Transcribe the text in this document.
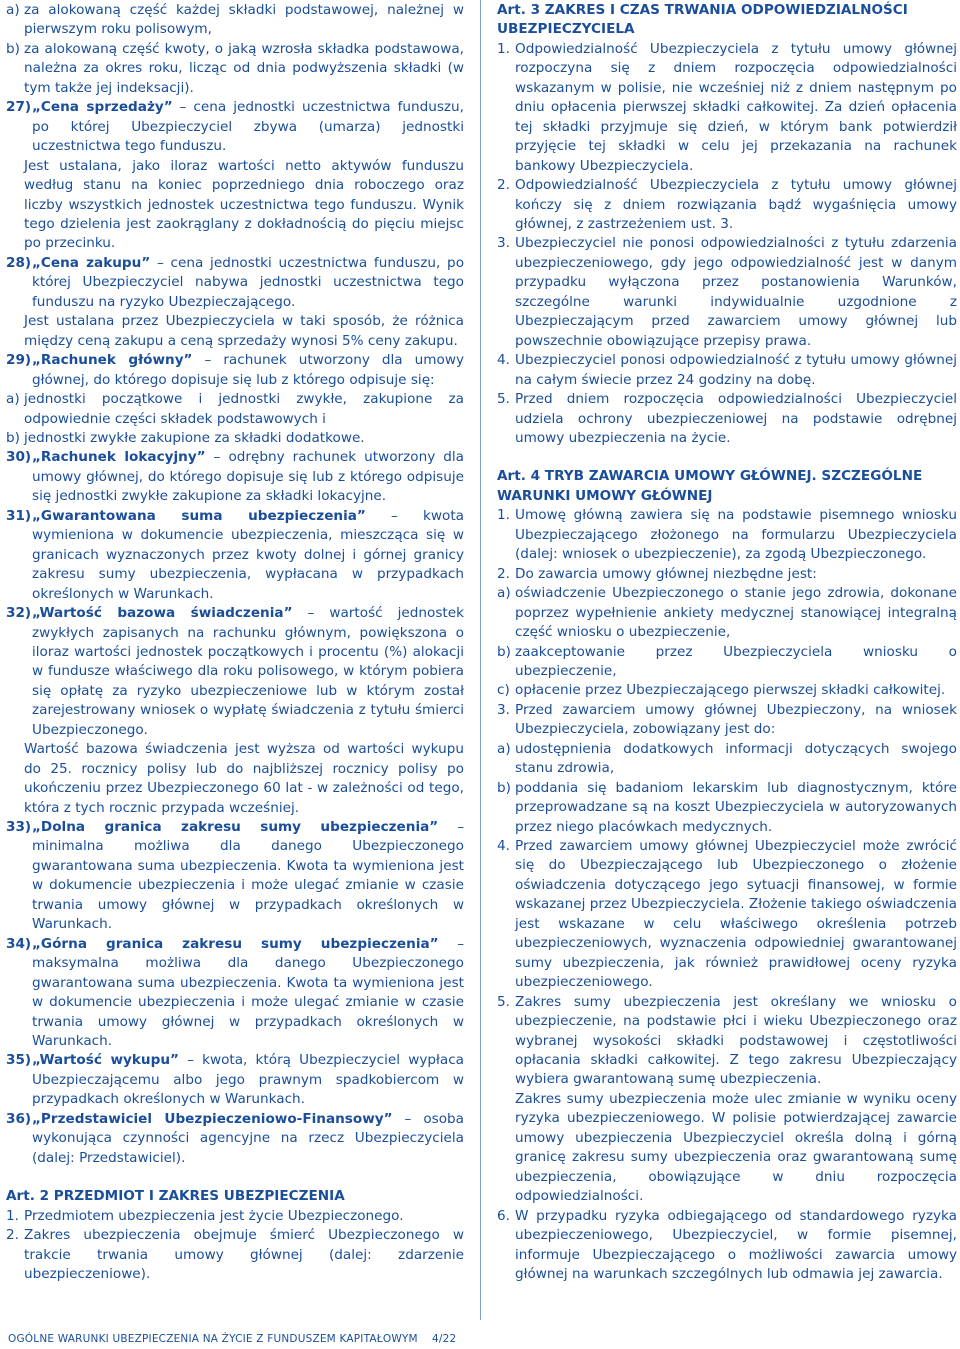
a) za alokowaną część każdej składki podstawowej, należnej w pierwszym roku polisowym,

b) za alokowaną część kwoty, o jaką wzrosła składka podstawowa, należna za okres roku, licząc od dnia podwyższenia składki (w tym także jej indeksacji).

27) „Cena sprzedaży” – cena jednostki uczestnictwa funduszu, po której Ubezpieczyciel zbywa (umarza) jednostki uczestnictwa tego funduszu.

Jest ustalana, jako iloraz wartości netto aktywów funduszu według stanu na koniec poprzedniego dnia roboczego oraz liczby wszystkich jednostek uczestnictwa tego funduszu. Wynik tego dzielenia jest zaokrąglany z dokładnością do pięciu miejsc po przecinku.

28) „Cena zakupu” – cena jednostki uczestnictwa funduszu, po której Ubezpieczyciel nabywa jednostki uczestnictwa tego funduszu na ryzyko Ubezpieczającego.

Jest ustalana przez Ubezpieczyciela w taki sposób, że różnica między ceną zakupu a ceną sprzedaży wynosi 5% ceny zakupu.

29) „Rachunek główny” – rachunek utworzony dla umowy głównej, do którego dopisuje się lub z którego odpisuje się:

a) jednostki początkowe i jednostki zwykłe, zakupione za odpowiednie części składek podstawowych i

b) jednostki zwykłe zakupione za składki dodatkowe.

30) „Rachunek lokacyjny” – odrębny rachunek utworzony dla umowy głównej, do którego dopisuje się lub z którego odpisuje się jednostki zwykłe zakupione za składki lokacyjne.

31) „Gwarantowana suma ubezpieczenia” – kwota wymieniona w dokumencie ubezpieczenia, mieszcząca się w granicach wyznaczonych przez kwoty dolnej i górnej granicy zakresu sumy ubezpieczenia, wypłacana w przypadkach określonych w Warunkach.

32) „Wartość bazowa świadczenia” – wartość jednostek zwykłych zapisanych na rachunku głównym, powiększona o iloraz wartości jednostek początkowych i procentu (%) alokacji w fundusze właściwego dla roku polisowego, w którym pobiera się opłatę za ryzyko ubezpieczeniowe lub w którym został zarejestrowany wniosek o wypłatę świadczenia z tytułu śmierci Ubezpieczonego.

Wartość bazowa świadczenia jest wyższa od wartości wykupu do 25. rocznicy polisy lub do najbliższej rocznicy polisy po ukończeniu przez Ubezpieczonego 60 lat - w zależności od tego, która z tych rocznic przypada wcześniej.

33) „Dolna granica zakresu sumy ubezpieczenia” – minimalna możliwa dla danego Ubezpieczonego gwarantowana suma ubezpieczenia. Kwota ta wymieniona jest w dokumencie ubezpieczenia i może ulegać zmianie w czasie trwania umowy głównej w przypadkach określonych w Warunkach.

34) „Górna granica zakresu sumy ubezpieczenia” – maksymalna możliwa dla danego Ubezpieczonego gwarantowana suma ubezpieczenia. Kwota ta wymieniona jest w dokumencie ubezpieczenia i może ulegać zmianie w czasie trwania umowy głównej w przypadkach określonych w Warunkach.

35) „Wartość wykupu” – kwota, którą Ubezpieczyciel wypłaca Ubezpieczającemu albo jego prawnym spadkobiercom w przypadkach określonych w Warunkach.

36) „Przedstawiciel Ubezpieczeniowo-Finansowy” – osoba wykonująca czynności agencyjne na rzecz Ubezpieczyciela (dalej: Przedstawiciel).

Art. 2 PRZEDMIOT I ZAKRES UBEZPIECZENIA

1. Przedmiotem ubezpieczenia jest życie Ubezpieczonego.

2. Zakres ubezpieczenia obejmuje śmierć Ubezpieczonego w trakcie trwania umowy głównej (dalej: zdarzenie ubezpieczeniowe).

Art. 3 ZAKRES I CZAS TRWANIA ODPOWIEDZIALNOŚCI UBEZPIECZYCIELA

1. Odpowiedzialność Ubezpieczyciela z tytułu umowy głównej rozpoczyna się z dniem rozpoczęcia odpowiedzialności wskazanym w polisie, nie wcześniej niż z dniem następnym po dniu opłacenia pierwszej składki całkowitej. Za dzień opłacenia tej składki przyjmuje się dzień, w którym bank potwierdził przyjęcie tej składki w celu jej przekazania na rachunek bankowy Ubezpieczyciela.

2. Odpowiedzialność Ubezpieczyciela z tytułu umowy głównej kończy się z dniem rozwiązania bądź wygaśnięcia umowy głównej, z zastrzeżeniem ust. 3.

3. Ubezpieczyciel nie ponosi odpowiedzialności z tytułu zdarzenia ubezpieczeniowego, gdy jego odpowiedzialność jest w danym przypadku wyłączona przez postanowienia Warunków, szczególne warunki indywidualnie uzgodnione z Ubezpieczającym przed zawarciem umowy głównej lub powszechnie obowiązujące przepisy prawa.

4. Ubezpieczyciel ponosi odpowiedzialność z tytułu umowy głównej na całym świecie przez 24 godziny na dobę.

5. Przed dniem rozpoczęcia odpowiedzialności Ubezpieczyciel udziela ochrony ubezpieczeniowej na podstawie odrębnej umowy ubezpieczenia na życie.

Art. 4 TRYB ZAWARCIA UMOWY GŁÓWNEJ. SZCZEGÓLNE WARUNKI UMOWY GŁÓWNEJ

1. Umowę główną zawiera się na podstawie pisemnego wniosku Ubezpieczającego złożonego na formularzu Ubezpieczyciela (dalej: wniosek o ubezpieczenie), za zgodą Ubezpieczonego.

2. Do zawarcia umowy głównej niezbędne jest:

a) oświadczenie Ubezpieczonego o stanie jego zdrowia, dokonane poprzez wypełnienie ankiety medycznej stanowiącej integralną część wniosku o ubezpieczenie,

b) zaakceptowanie przez Ubezpieczyciela wniosku o ubezpieczenie,

c) opłacenie przez Ubezpieczającego pierwszej składki całkowitej.

3. Przed zawarciem umowy głównej Ubezpieczony, na wniosek Ubezpieczyciela, zobowiązany jest do:

a) udostępnienia dodatkowych informacji dotyczących swojego stanu zdrowia,

b) poddania się badaniom lekarskim lub diagnostycznym, które przeprowadzane są na koszt Ubezpieczyciela w autoryzowanych przez niego placówkach medycznych.

4. Przed zawarciem umowy głównej Ubezpieczyciel może zwrócić się do Ubezpieczającego lub Ubezpieczonego o złożenie oświadczenia dotyczącego jego sytuacji finansowej, w formie wskazanej przez Ubezpieczyciela. Złożenie takiego oświadczenia jest wskazane w celu właściwego określenia potrzeb ubezpieczeniowych, wyznaczenia odpowiedniej gwarantowanej sumy ubezpieczenia, jak również prawidłowej oceny ryzyka ubezpieczeniowego.

5. Zakres sumy ubezpieczenia jest określany we wniosku o ubezpieczenie, na podstawie płci i wieku Ubezpieczonego oraz wybranej wysokości składki podstawowej i częstotliwości opłacania składki całkowitej. Z tego zakresu Ubezpieczający wybiera gwarantowaną sumę ubezpieczenia.

Zakres sumy ubezpieczenia może ulec zmianie w wyniku oceny ryzyka ubezpieczeniowego. W polisie potwierdzającej zawarcie umowy ubezpieczenia Ubezpieczyciel określa dolną i górną granicę zakresu sumy ubezpieczenia oraz gwarantowaną sumę ubezpieczenia, obowiązujące w dniu rozpoczęcia odpowiedzialności.

6. W przypadku ryzyka odbiegającego od standardowego ryzyka ubezpieczeniowego, Ubezpieczyciel, w formie pisemnej, informuje Ubezpieczającego o możliwości zawarcia umowy głównej na warunkach szczególnych lub odmawia jej zawarcia.

OGÓLNE WARUNKI UBEZPIECZENIA NA ŻYCIE Z FUNDUSZEM KAPITAŁOWYM 4/22
